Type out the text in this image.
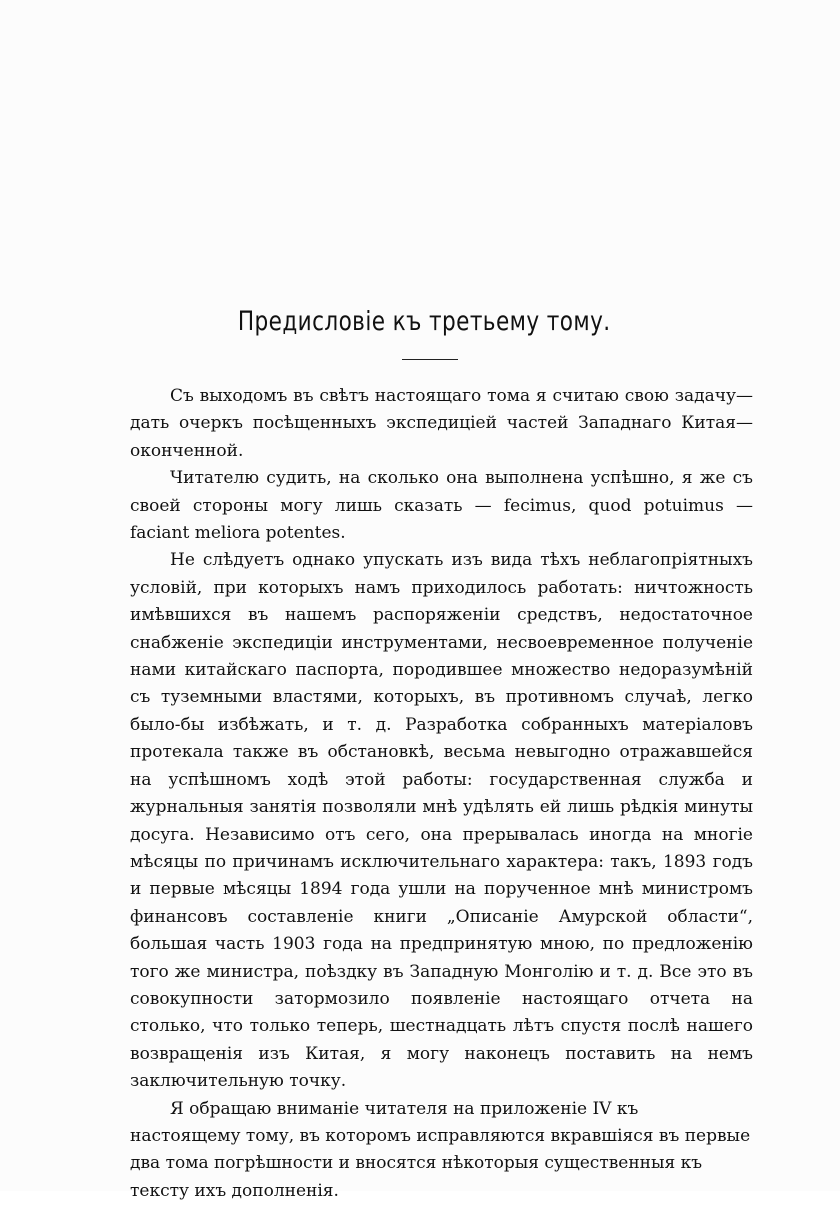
Предисловіе къ третьему тому.

Съ выходомъ въ свѣтъ настоящаго тома я считаю свою задачу— дать очеркъ посѣщенныхъ экспедиціей частей Западнаго Китая— оконченной.

Читателю судить, на сколько она выполнена успѣшно, я же съ своей стороны могу лишь сказать — fecimus, quod potuimus — faciant meliora potentes.

Не слѣдуетъ однако упускать изъ вида тѣхъ неблагопріятныхъ условій, при которыхъ намъ приходилось работать: ничтожность имѣвшихся въ нашемъ распоряженіи средствъ, недостаточное снабженіе экспедиціи инструментами, несвоевременное полученіе нами китайскаго паспорта, породившее множество недоразумѣній съ туземными властями, которыхъ, въ противномъ случаѣ, легко было-бы избѣжать, и т. д. Разработка собранныхъ матеріаловъ протекала также въ обстановкѣ, весьма невыгодно отражавшейся на успѣшномъ ходѣ этой работы: государственная служба и журнальныя занятія позволяли мнѣ удѣлять ей лишь рѣдкія минуты досуга. Независимо отъ сего, она прерывалась иногда на многіе мѣсяцы по причинамъ исключительнаго характера: такъ, 1893 годъ и первые мѣсяцы 1894 года ушли на порученное мнѣ министромъ финансовъ составленіе книги „Описаніе Амурской области“, большая часть 1903 года на предпринятую мною, по предложенію того же министра, поѣздку въ Западную Монголію и т. д. Все это въ совокупности затормозило появленіе настоящаго отчета на столько, что только теперь, шестнадцать лѣтъ спустя послѣ нашего возвращенія изъ Китая, я могу наконецъ поставить на немъ заключительную точку.

Я обращаю вниманіе читателя на приложеніе IV къ настоящему тому, въ которомъ исправляются вкравшіяся въ первые два тома погрѣшности и вносятся нѣкоторыя существенныя къ тексту ихъ дополненія.
